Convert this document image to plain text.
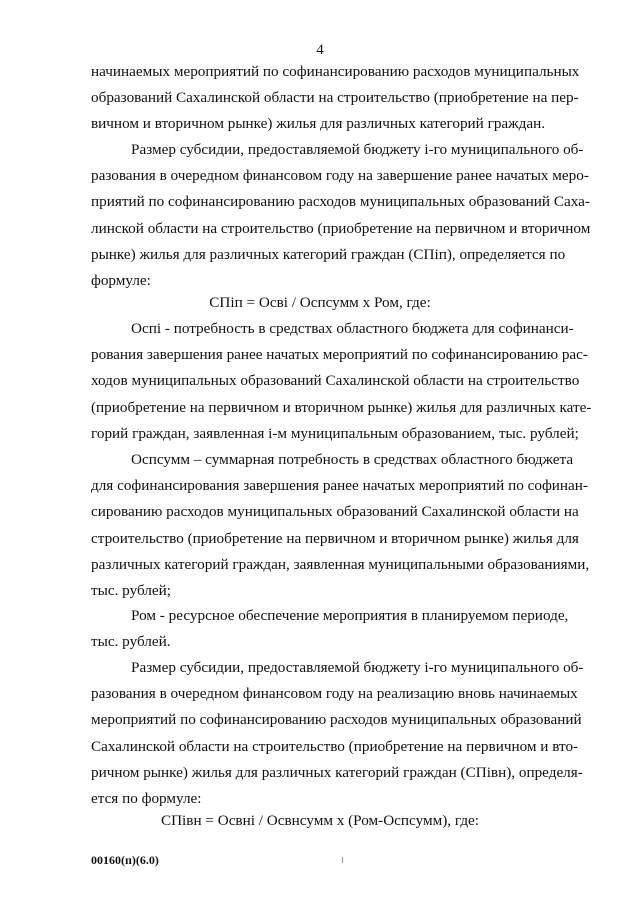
4
начинаемых мероприятий по софинансированию расходов муниципальных
образований Сахалинской области на строительство (приобретение на пер-
вичном и вторичном рынке) жилья для различных категорий граждан.
Размер субсидии, предоставляемой бюджету i-го муниципального об-
разования в очередном финансовом году на завершение ранее начатых меро-
приятий по софинансированию расходов муниципальных образований Саха-
линской области на строительство (приобретение на первичном и вторичном
рынке) жилья для различных категорий граждан (СПiп), определяется по
формуле:
СПiп = Освi / Оспсумм х Ром, где:
Оспi - потребность в средствах областного бюджета для софинанси-
рования завершения ранее начатых мероприятий по софинансированию рас-
ходов муниципальных образований Сахалинской области на строительство
(приобретение на первичном и вторичном рынке) жилья для различных кате-
горий граждан, заявленная i-м муниципальным образованием, тыс. рублей;
Оспсумм – суммарная потребность в средствах областного бюджета
для софинансирования завершения ранее начатых мероприятий по софинан-
сированию расходов муниципальных образований Сахалинской области на
строительство (приобретение на первичном и вторичном рынке) жилья для
различных категорий граждан, заявленная муниципальными образованиями,
тыс. рублей;
Ром - ресурсное обеспечение мероприятия в планируемом периоде,
тыс. рублей.
Размер субсидии, предоставляемой бюджету i-го муниципального об-
разования в очередном финансовом году на реализацию вновь начинаемых
мероприятий по софинансированию расходов муниципальных образований
Сахалинской области на строительство (приобретение на первичном и вто-
ричном рынке) жилья для различных категорий граждан (СПiвн), определя-
ется по формуле:
СПiвн = Освнi / Освнсумм х (Ром-Оспсумм), где:
00160(п)(6.0)
